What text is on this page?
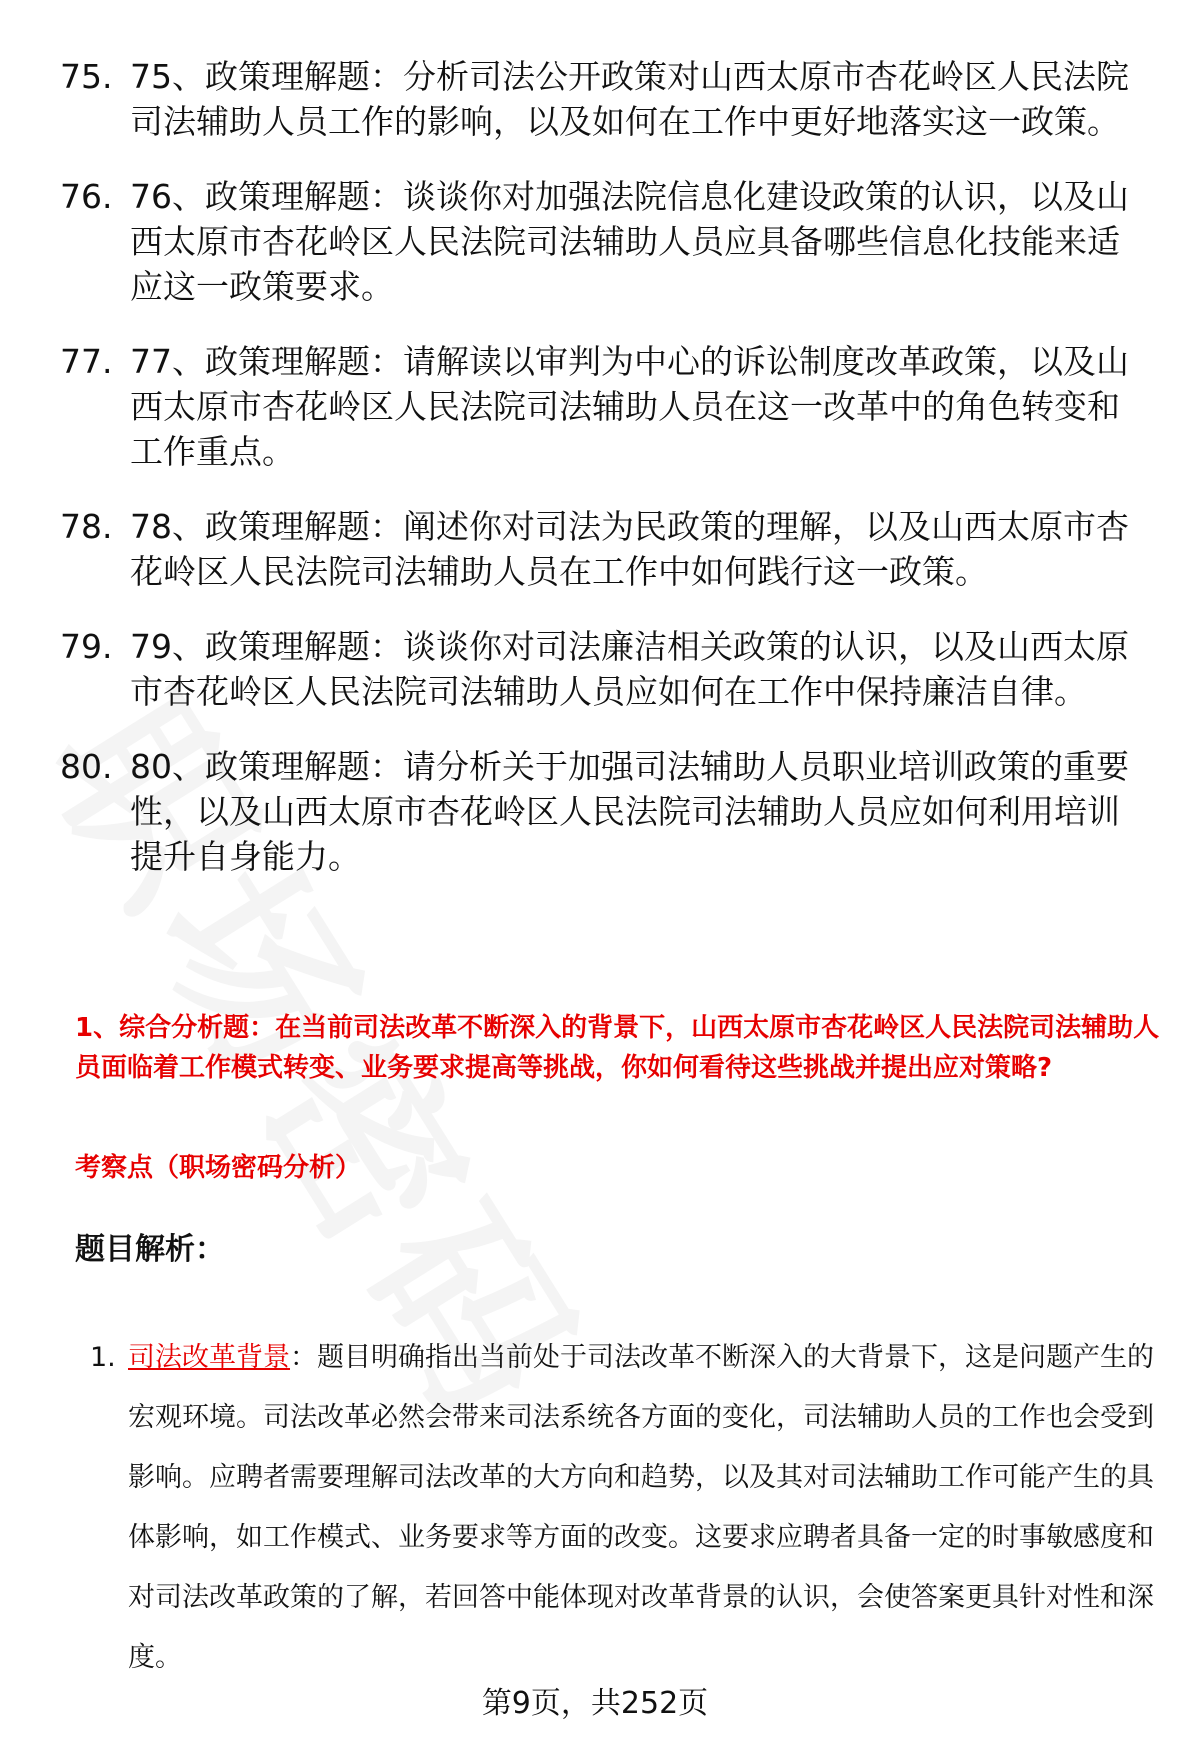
75. 75、政策理解题：分析司法公开政策对山西太原市杏花岭区人民法院司法辅助人员工作的影响，以及如何在工作中更好地落实这一政策。
76. 76、政策理解题：谈谈你对加强法院信息化建设政策的认识，以及山西太原市杏花岭区人民法院司法辅助人员应具备哪些信息化技能来适应这一政策要求。
77. 77、政策理解题：请解读以审判为中心的诉讼制度改革政策，以及山西太原市杏花岭区人民法院司法辅助人员在这一改革中的角色转变和工作重点。
78. 78、政策理解题：阐述你对司法为民政策的理解，以及山西太原市杏花岭区人民法院司法辅助人员在工作中如何践行这一政策。
79. 79、政策理解题：谈谈你对司法廉洁相关政策的认识，以及山西太原市杏花岭区人民法院司法辅助人员应如何在工作中保持廉洁自律。
80. 80、政策理解题：请分析关于加强司法辅助人员职业培训政策的重要性，以及山西太原市杏花岭区人民法院司法辅助人员应如何利用培训提升自身能力。
1、综合分析题：在当前司法改革不断深入的背景下，山西太原市杏花岭区人民法院司法辅助人员面临着工作模式转变、业务要求提高等挑战，你如何看待这些挑战并提出应对策略?
考察点（职场密码分析）
题目解析：
1. 司法改革背景：题目明确指出当前处于司法改革不断深入的大背景下，这是问题产生的宏观环境。司法改革必然会带来司法系统各方面的变化，司法辅助人员的工作也会受到影响。应聘者需要理解司法改革的大方向和趋势，以及其对司法辅助工作可能产生的具体影响，如工作模式、业务要求等方面的改变。这要求应聘者具备一定的时事敏感度和对司法改革政策的了解，若回答中能体现对改革背景的认识，会使答案更具针对性和深度。
第9页，共252页
